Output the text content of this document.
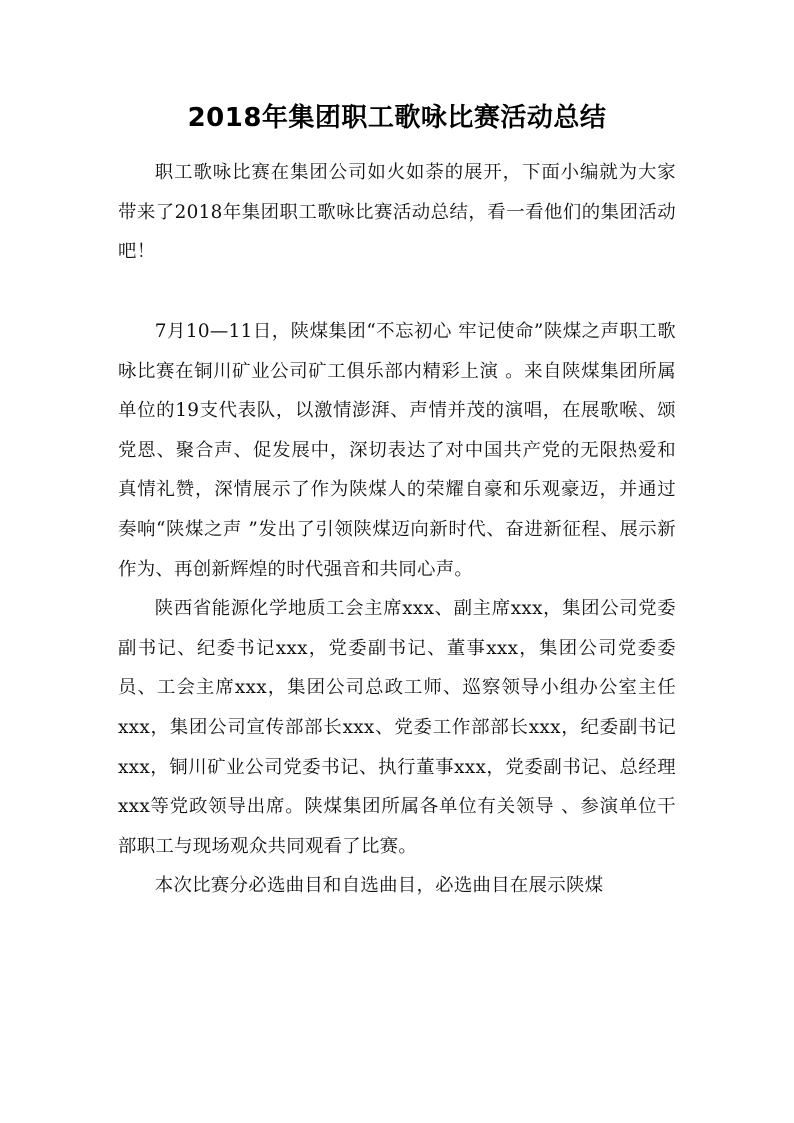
2018年集团职工歌咏比赛活动总结

职工歌咏比赛在集团公司如火如荼的展开，下面小编就为大家带来了2018年集团职工歌咏比赛活动总结，看一看他们的集团活动吧！

7月10—11日，陕煤集团“不忘初心 牢记使命”陕煤之声职工歌咏比赛在铜川矿业公司矿工俱乐部内精彩上演 。来自陕煤集团所属单位的19支代表队，以激情澎湃、声情并茂的演唱，在展歌喉、颂党恩、聚合声、促发展中，深切表达了对中国共产党的无限热爱和真情礼赞，深情展示了作为陕煤人的荣耀自豪和乐观豪迈，并通过奏响“陕煤之声 ”发出了引领陕煤迈向新时代、奋进新征程、展示新作为、再创新辉煌的时代强音和共同心声。

陕西省能源化学地质工会主席xxx、副主席xxx，集团公司党委副书记、纪委书记xxx，党委副书记、董事xxx，集团公司党委委员、工会主席xxx，集团公司总政工师、巡察领导小组办公室主任xxx，集团公司宣传部部长xxx、党委工作部部长xxx，纪委副书记xxx，铜川矿业公司党委书记、执行董事xxx，党委副书记、总经理xxx等党政领导出席。陕煤集团所属各单位有关领导 、参演单位干部职工与现场观众共同观看了比赛。

本次比赛分必选曲目和自选曲目，必选曲目在展示陕煤
